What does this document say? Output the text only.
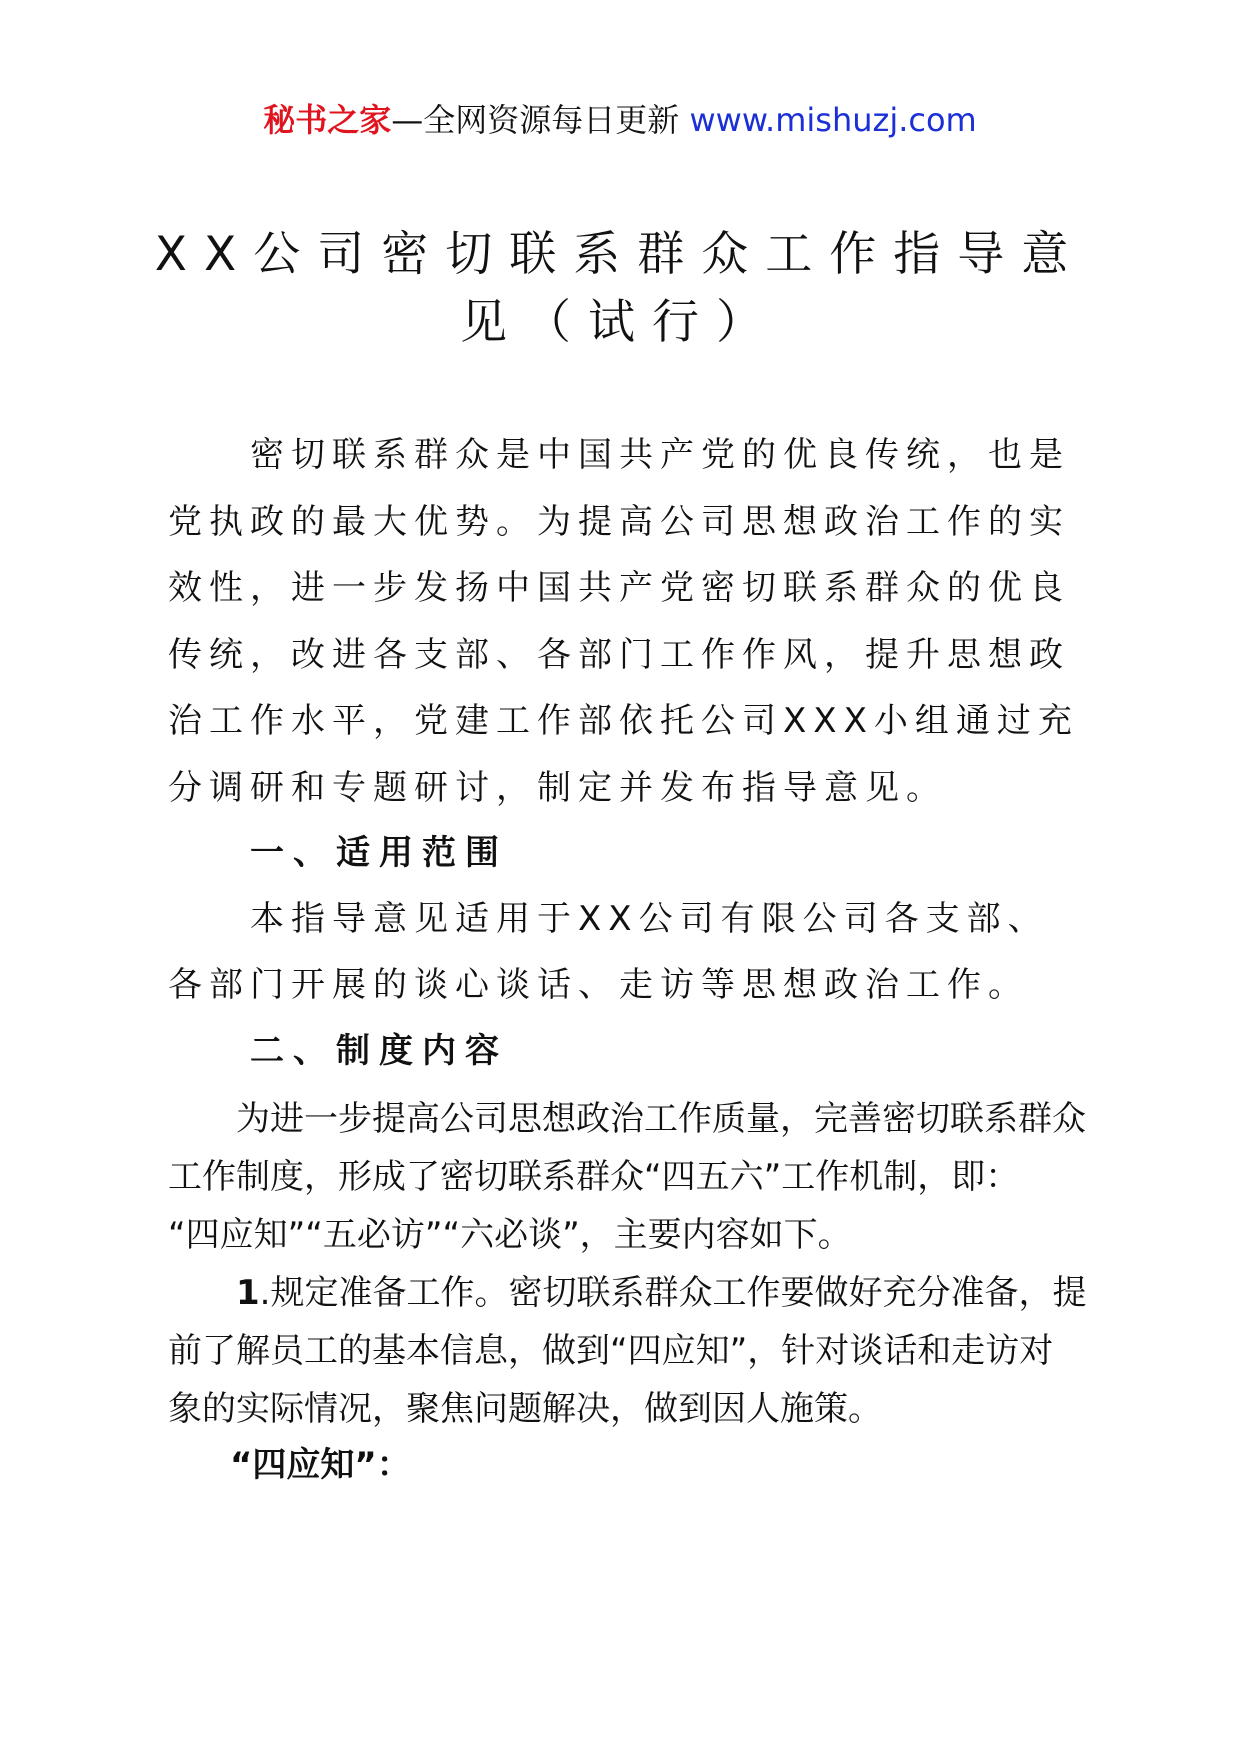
秘书之家—全网资源每日更新 www.mishuzj.com
XX公司密切联系群众工作指导意
见（试行）
密切联系群众是中国共产党的优良传统，也是
党执政的最大优势。为提高公司思想政治工作的实
效性，进一步发扬中国共产党密切联系群众的优良
传统，改进各支部、各部门工作作风，提升思想政
治工作水平，党建工作部依托公司XXX小组通过充
分调研和专题研讨，制定并发布指导意见。
一、适用范围
本指导意见适用于XX公司有限公司各支部、
各部门开展的谈心谈话、走访等思想政治工作。
二、制度内容
为进一步提高公司思想政治工作质量，完善密切联系群众
工作制度，形成了密切联系群众“四五六”工作机制，即：
“四应知”“五必访”“六必谈”，主要内容如下。
1.规定准备工作。密切联系群众工作要做好充分准备，提
前了解员工的基本信息，做到“四应知”，针对谈话和走访对
象的实际情况，聚焦问题解决，做到因人施策。
“四应知”：
